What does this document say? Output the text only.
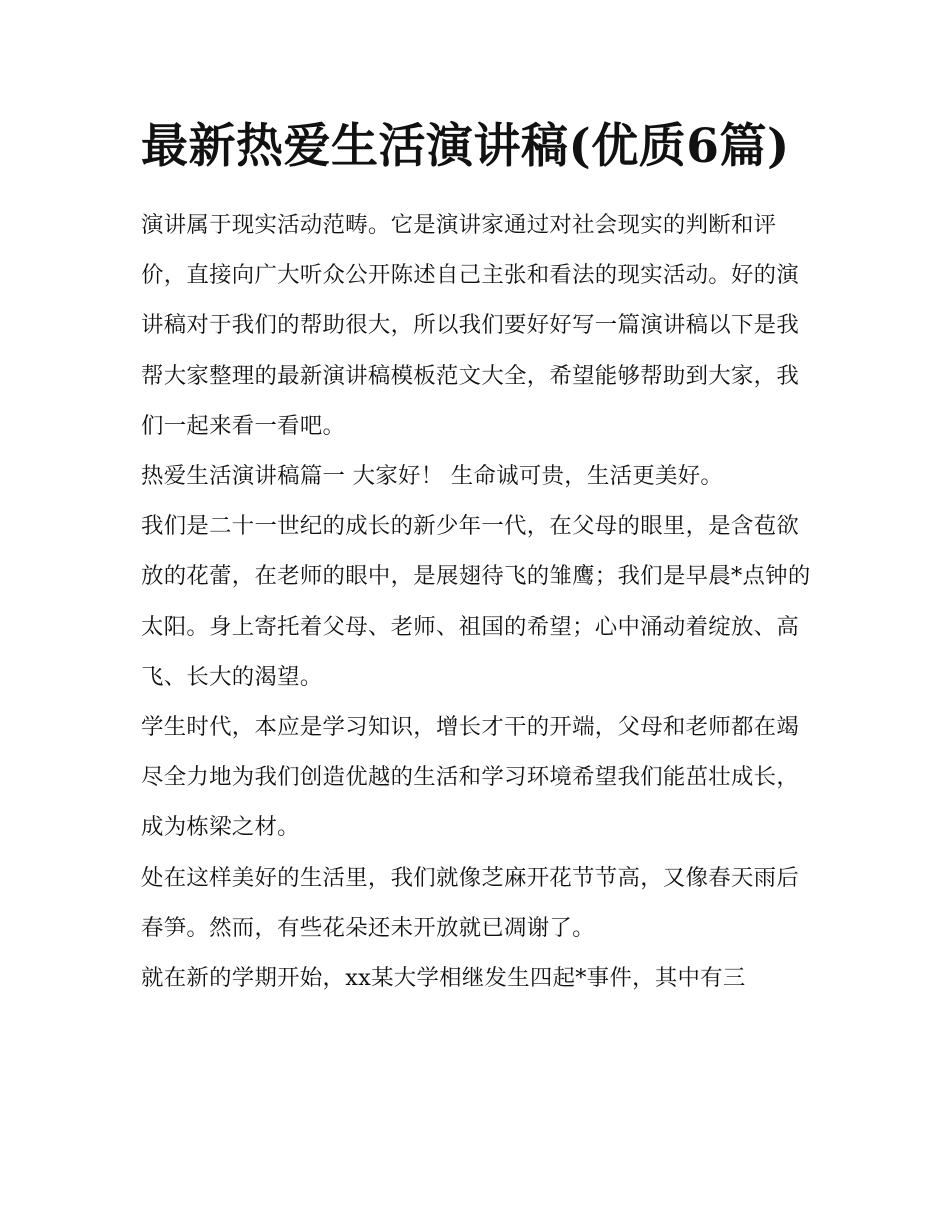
最新热爱生活演讲稿(优质6篇)

演讲属于现实活动范畴。它是演讲家通过对社会现实的判断和评价，直接向广大听众公开陈述自己主张和看法的现实活动。好的演讲稿对于我们的帮助很大，所以我们要好好写一篇演讲稿以下是我帮大家整理的最新演讲稿模板范文大全，希望能够帮助到大家，我们一起来看一看吧。

热爱生活演讲稿篇一 大家好！ 生命诚可贵，生活更美好。

我们是二十一世纪的成长的新少年一代，在父母的眼里，是含苞欲放的花蕾，在老师的眼中，是展翅待飞的雏鹰；我们是早晨*点钟的太阳。身上寄托着父母、老师、祖国的希望；心中涌动着绽放、高飞、长大的渴望。

学生时代，本应是学习知识，增长才干的开端，父母和老师都在竭尽全力地为我们创造优越的生活和学习环境希望我们能茁壮成长，成为栋梁之材。

处在这样美好的生活里，我们就像芝麻开花节节高，又像春天雨后春笋。然而，有些花朵还未开放就已凋谢了。

就在新的学期开始，xx某大学相继发生四起*事件，其中有三
